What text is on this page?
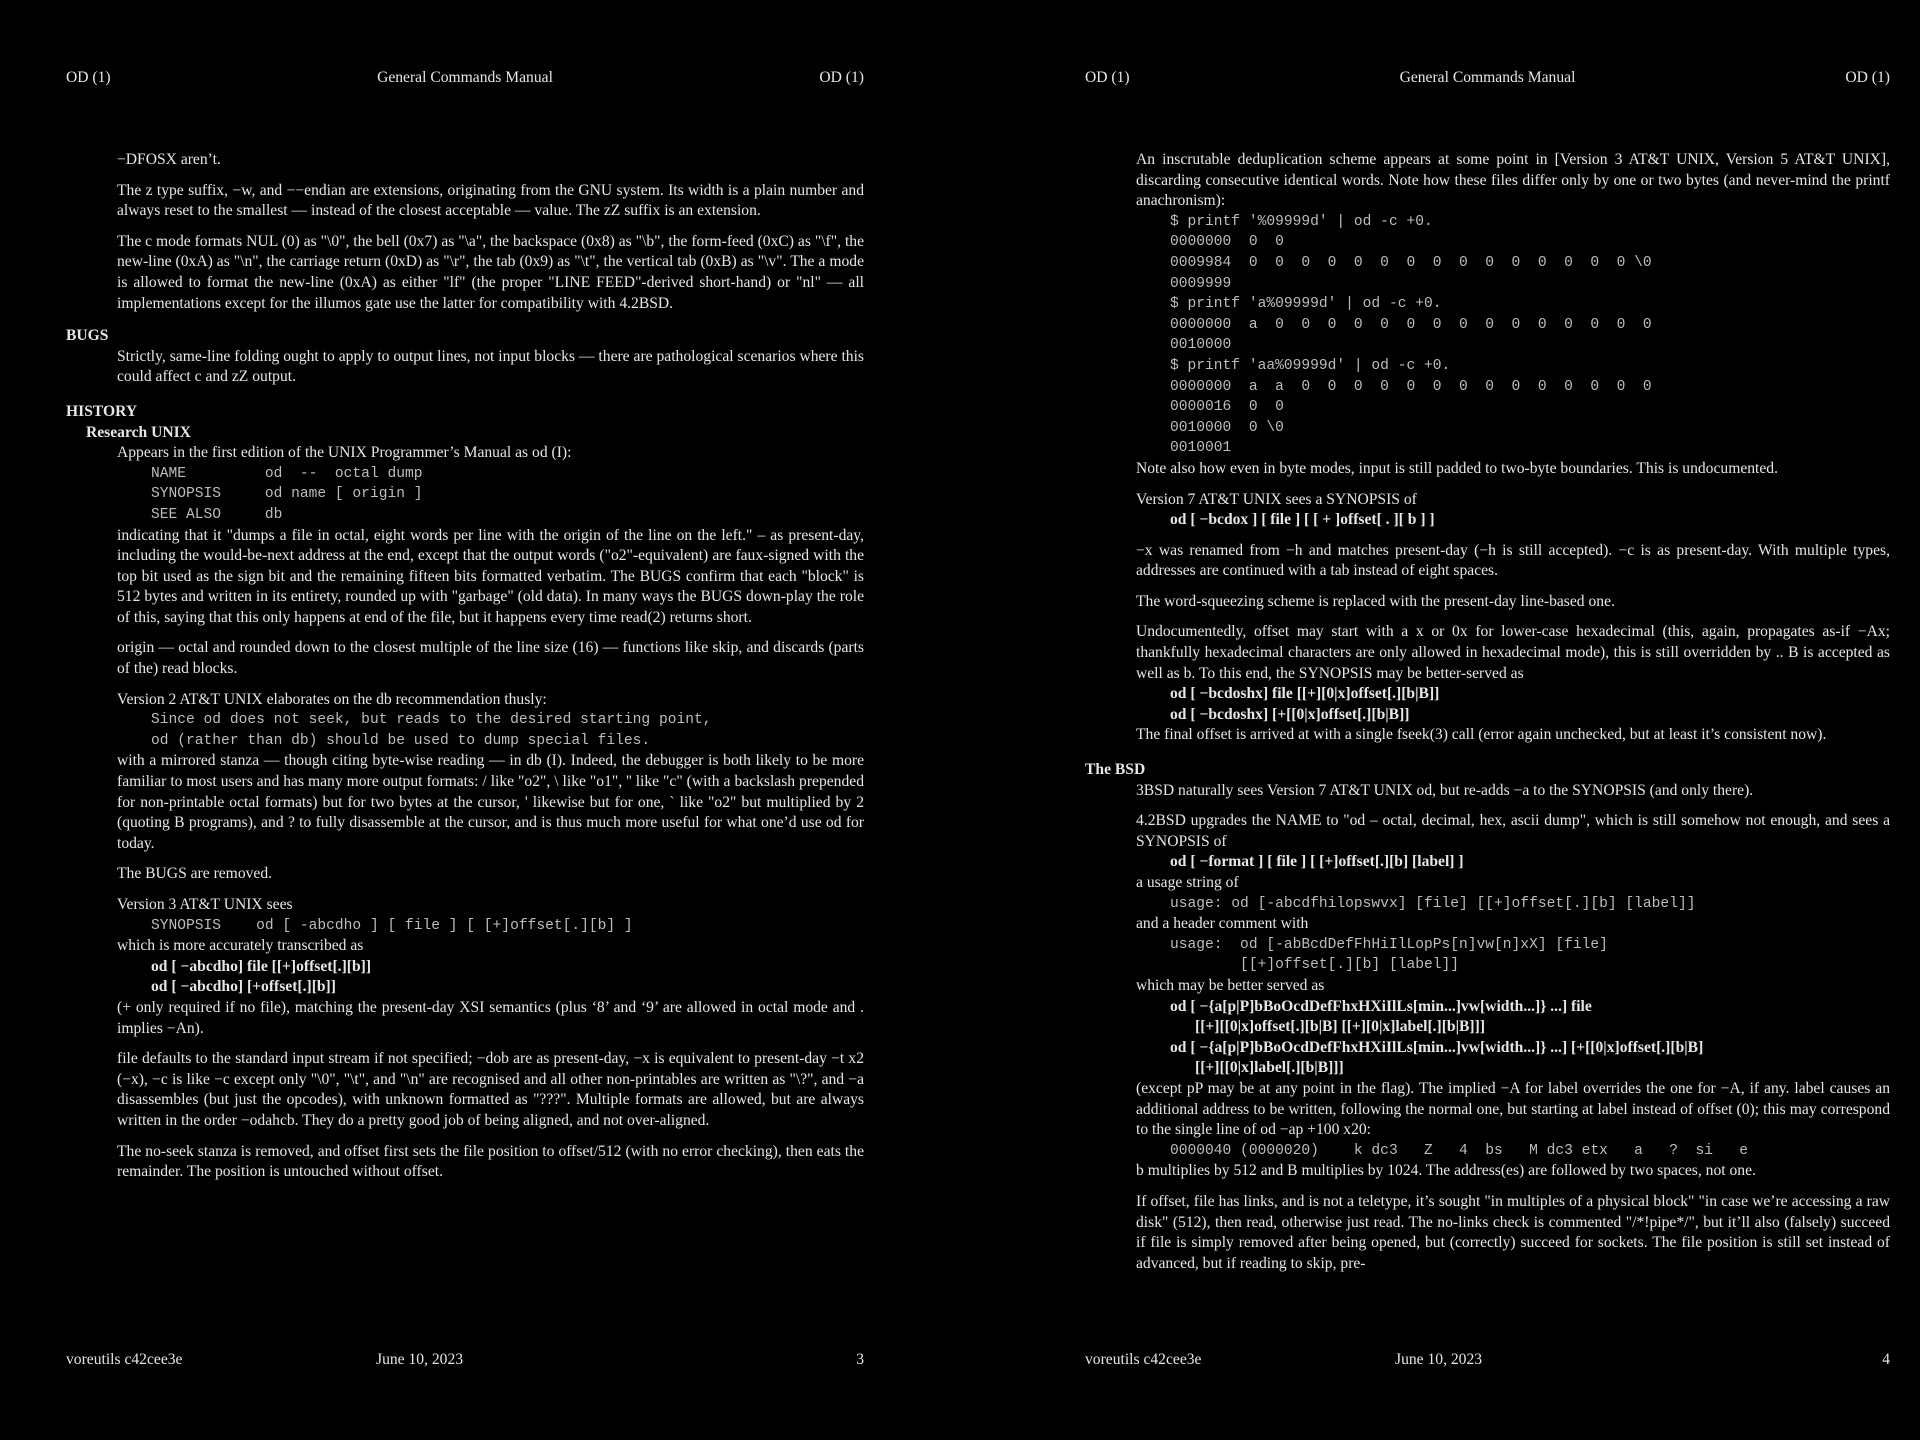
OD (1)	General Commands Manual	OD (1)

−DFOSX aren’t.

The z type suffix, −w, and −−endian are extensions, originating from the GNU system. Its width is a plain number and always reset to the smallest — instead of the closest acceptable — value. The zZ suffix is an extension.

The c mode formats NUL (0) as "\0", the bell (0x7) as "\a", the backspace (0x8) as "\b", the form-feed (0xC) as "\f", the new-line (0xA) as "\n", the carriage return (0xD) as "\r", the tab (0x9) as "\t", the vertical tab (0xB) as "\v". The a mode is allowed to format the new-line (0xA) as either "lf" (the proper "LINE FEED"-derived short-hand) or "nl" — all implementations except for the illumos gate use the latter for compatibility with 4.2BSD.

BUGS

Strictly, same-line folding ought to apply to output lines, not input blocks — there are pathological scenarios where this could affect c and zZ output.

HISTORY
Research UNIX

Appears in the first edition of the UNIX Programmer’s Manual as od (I):

NAME         od  --  octal dump
SYNOPSIS     od name [ origin ]
SEE ALSO     db

indicating that it "dumps a file in octal, eight words per line with the origin of the line on the left." – as present-day, including the would-be-next address at the end, except that the output words ("o2"-equivalent) are faux-signed with the top bit used as the sign bit and the remaining fifteen bits formatted verbatim. The BUGS confirm that each "block" is 512 bytes and written in its entirety, rounded up with "garbage" (old data). In many ways the BUGS down-play the role of this, saying that this only happens at end of the file, but it happens every time read(2) returns short.

origin — octal and rounded down to the closest multiple of the line size (16) — functions like skip, and discards (parts of the) read blocks.

Version 2 AT&T UNIX elaborates on the db recommendation thusly:

Since od does not seek, but reads to the desired starting point,
od (rather than db) should be used to dump special files.

with a mirrored stanza — though citing byte-wise reading — in db (I). Indeed, the debugger is both likely to be more familiar to most users and has many more output formats: / like "o2", \ like "o1", '' like "c" (with a backslash prepended for non-printable octal formats) but for two bytes at the cursor, ' likewise but for one, ` like "o2" but multiplied by 2 (quoting B programs), and ? to fully disassemble at the cursor, and is thus much more useful for what one’d use od for today.

The BUGS are removed.

Version 3 AT&T UNIX sees

SYNOPSIS    od [ -abcdho ] [ file ] [ [+]offset[.][b] ]

which is more accurately transcribed as

od [ −abcdho] file [[+]offset[.][b]]
od [ −abcdho] [+offset[.][b]]

(+ only required if no file), matching the present-day XSI semantics (plus ‘8’ and ‘9’ are allowed in octal mode and . implies −An).

file defaults to the standard input stream if not specified; −dob are as present-day, −x is equivalent to present-day −t x2 (−x), −c is like −c except only "\0", "\t", and "\n" are recognised and all other non-printables are written as "\?", and −a disassembles (but just the opcodes), with unknown formatted as "???". Multiple formats are allowed, but are always written in the order −odahcb. They do a pretty good job of being aligned, and not over-aligned.

The no-seek stanza is removed, and offset first sets the file position to offset/512 (with no error checking), then eats the remainder. The position is untouched without offset.

voreutils c42cee3e	June 10, 2023	3
OD (1)	General Commands Manual	OD (1)

An inscrutable deduplication scheme appears at some point in [Version 3 AT&T UNIX, Version 5 AT&T UNIX], discarding consecutive identical words. Note how these files differ only by one or two bytes (and never-mind the printf anachronism):

$ printf '%09999d' | od -c +0.
0000000  0  0
0009984  0  0  0  0  0  0  0  0  0  0  0  0  0  0  0 \0
0009999
$ printf 'a%09999d' | od -c +0.
0000000  a  0  0  0  0  0  0  0  0  0  0  0  0  0  0  0
0010000
$ printf 'aa%09999d' | od -c +0.
0000000  a  a  0  0  0  0  0  0  0  0  0  0  0  0  0  0
0000016  0  0
0010000  0 \0
0010001

Note also how even in byte modes, input is still padded to two-byte boundaries. This is undocumented.

Version 7 AT&T UNIX sees a SYNOPSIS of

od [ −bcdox ] [ file ] [ [ + ]offset[ . ][ b ] ]

−x was renamed from −h and matches present-day (−h is still accepted). −c is as present-day. With multiple types, addresses are continued with a tab instead of eight spaces.

The word-squeezing scheme is replaced with the present-day line-based one.

Undocumentedly, offset may start with a x or 0x for lower-case hexadecimal (this, again, propagates as-if −Ax; thankfully hexadecimal characters are only allowed in hexadecimal mode), this is still overridden by .. B is accepted as well as b. To this end, the SYNOPSIS may be better-served as

od [ −bcdoshx] file [[+][0|x]offset[.][b|B]]
od [ −bcdoshx] [+[[0|x]offset[.][b|B]]

The final offset is arrived at with a single fseek(3) call (error again unchecked, but at least it’s consistent now).

The BSD

3BSD naturally sees Version 7 AT&T UNIX od, but re-adds −a to the SYNOPSIS (and only there).

4.2BSD upgrades the NAME to "od – octal, decimal, hex, ascii dump", which is still somehow not enough, and sees a SYNOPSIS of

od [ −format ] [ file ] [ [+]offset[.][b] [label] ]

a usage string of

usage: od [-abcdfhilopswvx] [file] [[+]offset[.][b] [label]]

and a header comment with

usage:  od [-abBcdDefFhHiIlLopPs[n]vw[n]xX] [file]
[[+]offset[.][b] [label]]

which may be better served as

od [ −{a[p|P]bBoOcdDefFhxHXiIlLs[min...]vw[width...]} ...] file
[[+][[0|x]offset[.][b|B] [[+][0|x]label[.][b|B]]]
od [ −{a[p|P]bBoOcdDefFhxHXiIlLs[min...]vw[width...]} ...] [+[[0|x]offset[.][b|B]
[[+][[0|x]label[.][b|B]]]

(except pP may be at any point in the flag). The implied −A for label overrides the one for −A, if any. label causes an additional address to be written, following the normal one, but starting at label instead of offset (0); this may correspond to the single line of od −ap +100 x20:

0000040 (0000020)    k dc3   Z   4  bs   M dc3 etx   a   ?  si   e

b multiplies by 512 and B multiplies by 1024. The address(es) are followed by two spaces, not one.

If offset, file has links, and is not a teletype, it’s sought "in multiples of a physical block" "in case we’re accessing a raw disk" (512), then read, otherwise just read. The no-links check is commented "/*!pipe*/", but it’ll also (falsely) succeed if file is simply removed after being opened, but (correctly) succeed for sockets. The file position is still set instead of advanced, but if reading to skip, pre-

voreutils c42cee3e	June 10, 2023	4
